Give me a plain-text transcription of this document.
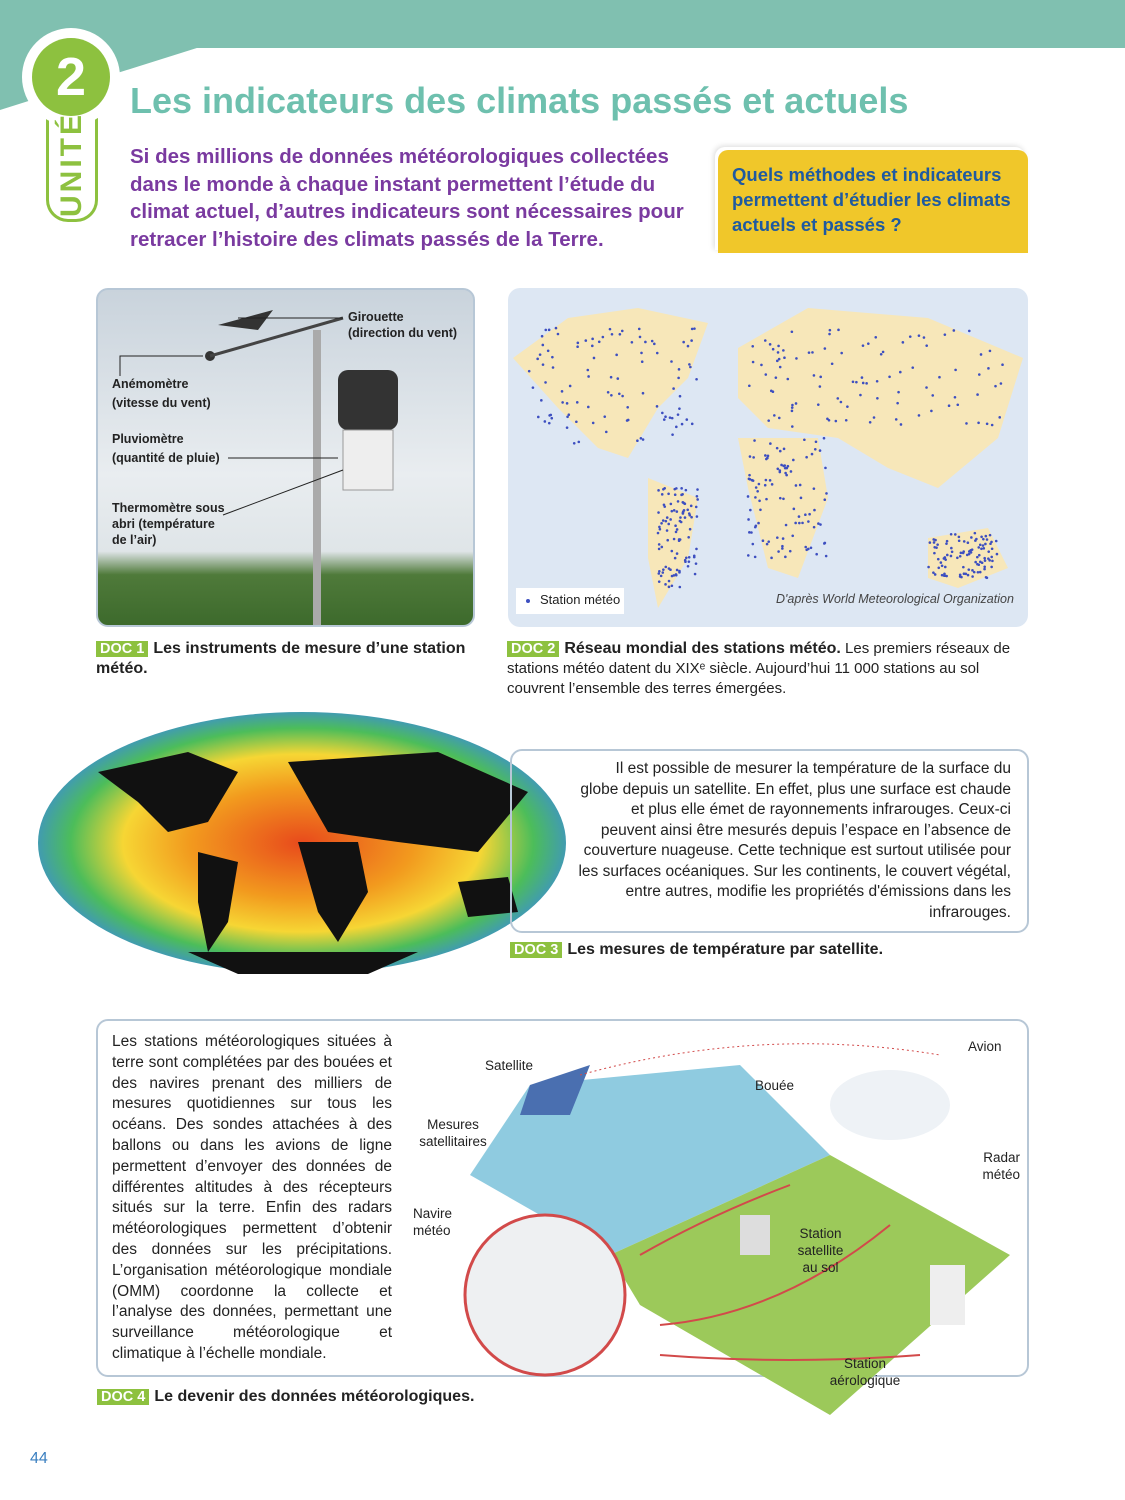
2
UNITÉ
Les indicateurs des climats passés et actuels
Si des millions de données météorologiques collectées dans le monde à chaque instant permettent l’étude du climat actuel, d’autres indicateurs sont nécessaires pour retracer l’histoire des climats passés de la Terre.
Quels méthodes et indicateurs permettent d’étudier les climats actuels et passés ?
Girouette
(direction du vent)
Anémomètre
(vitesse du vent)
Pluviomètre
(quantité de pluie)
Thermomètre sous abri (température de l’air)
DOC 1 Les instruments de mesure d’une station météo.
Station météo	D'après World Meteorological Organization
DOC 2 Réseau mondial des stations météo. Les premiers réseaux de stations météo datent du XIXᵉ siècle. Aujourd’hui 11 000 stations au sol couvrent l’ensemble des terres émergées.
Il est possible de mesurer la température de la surface du globe depuis un satellite. En effet, plus une surface est chaude et plus elle émet de rayonnements infrarouges. Ceux-ci peuvent ainsi être mesurés depuis l’espace en l’absence de couverture nuageuse. Cette technique est surtout utilisée pour les surfaces océaniques. Sur les continents, le couvert végétal, entre autres, modifie les propriétés d'émissions dans les infrarouges.
DOC 3 Les mesures de température par satellite.
Les stations météorologiques situées à terre sont complétées par des bouées et des navires prenant des milliers de mesures quotidiennes sur tous les océans. Des sondes attachées à des ballons ou dans les avions de ligne permettent d’envoyer des données de différentes altitudes à des récepteurs situés sur la terre. Enfin des radars météorologiques permettent d’obtenir des données sur les précipitations. L’organisation météorologique mondiale (OMM) coordonne la collecte et l’analyse des données, permettant une surveillance météorologique et climatique à l’échelle mondiale.
Satellite
Bouée
Avion
Mesures satellitaires
Radar météo
Navire météo	Station satellite au sol
Station aérologique
DOC 4 Le devenir des données météorologiques.
44
